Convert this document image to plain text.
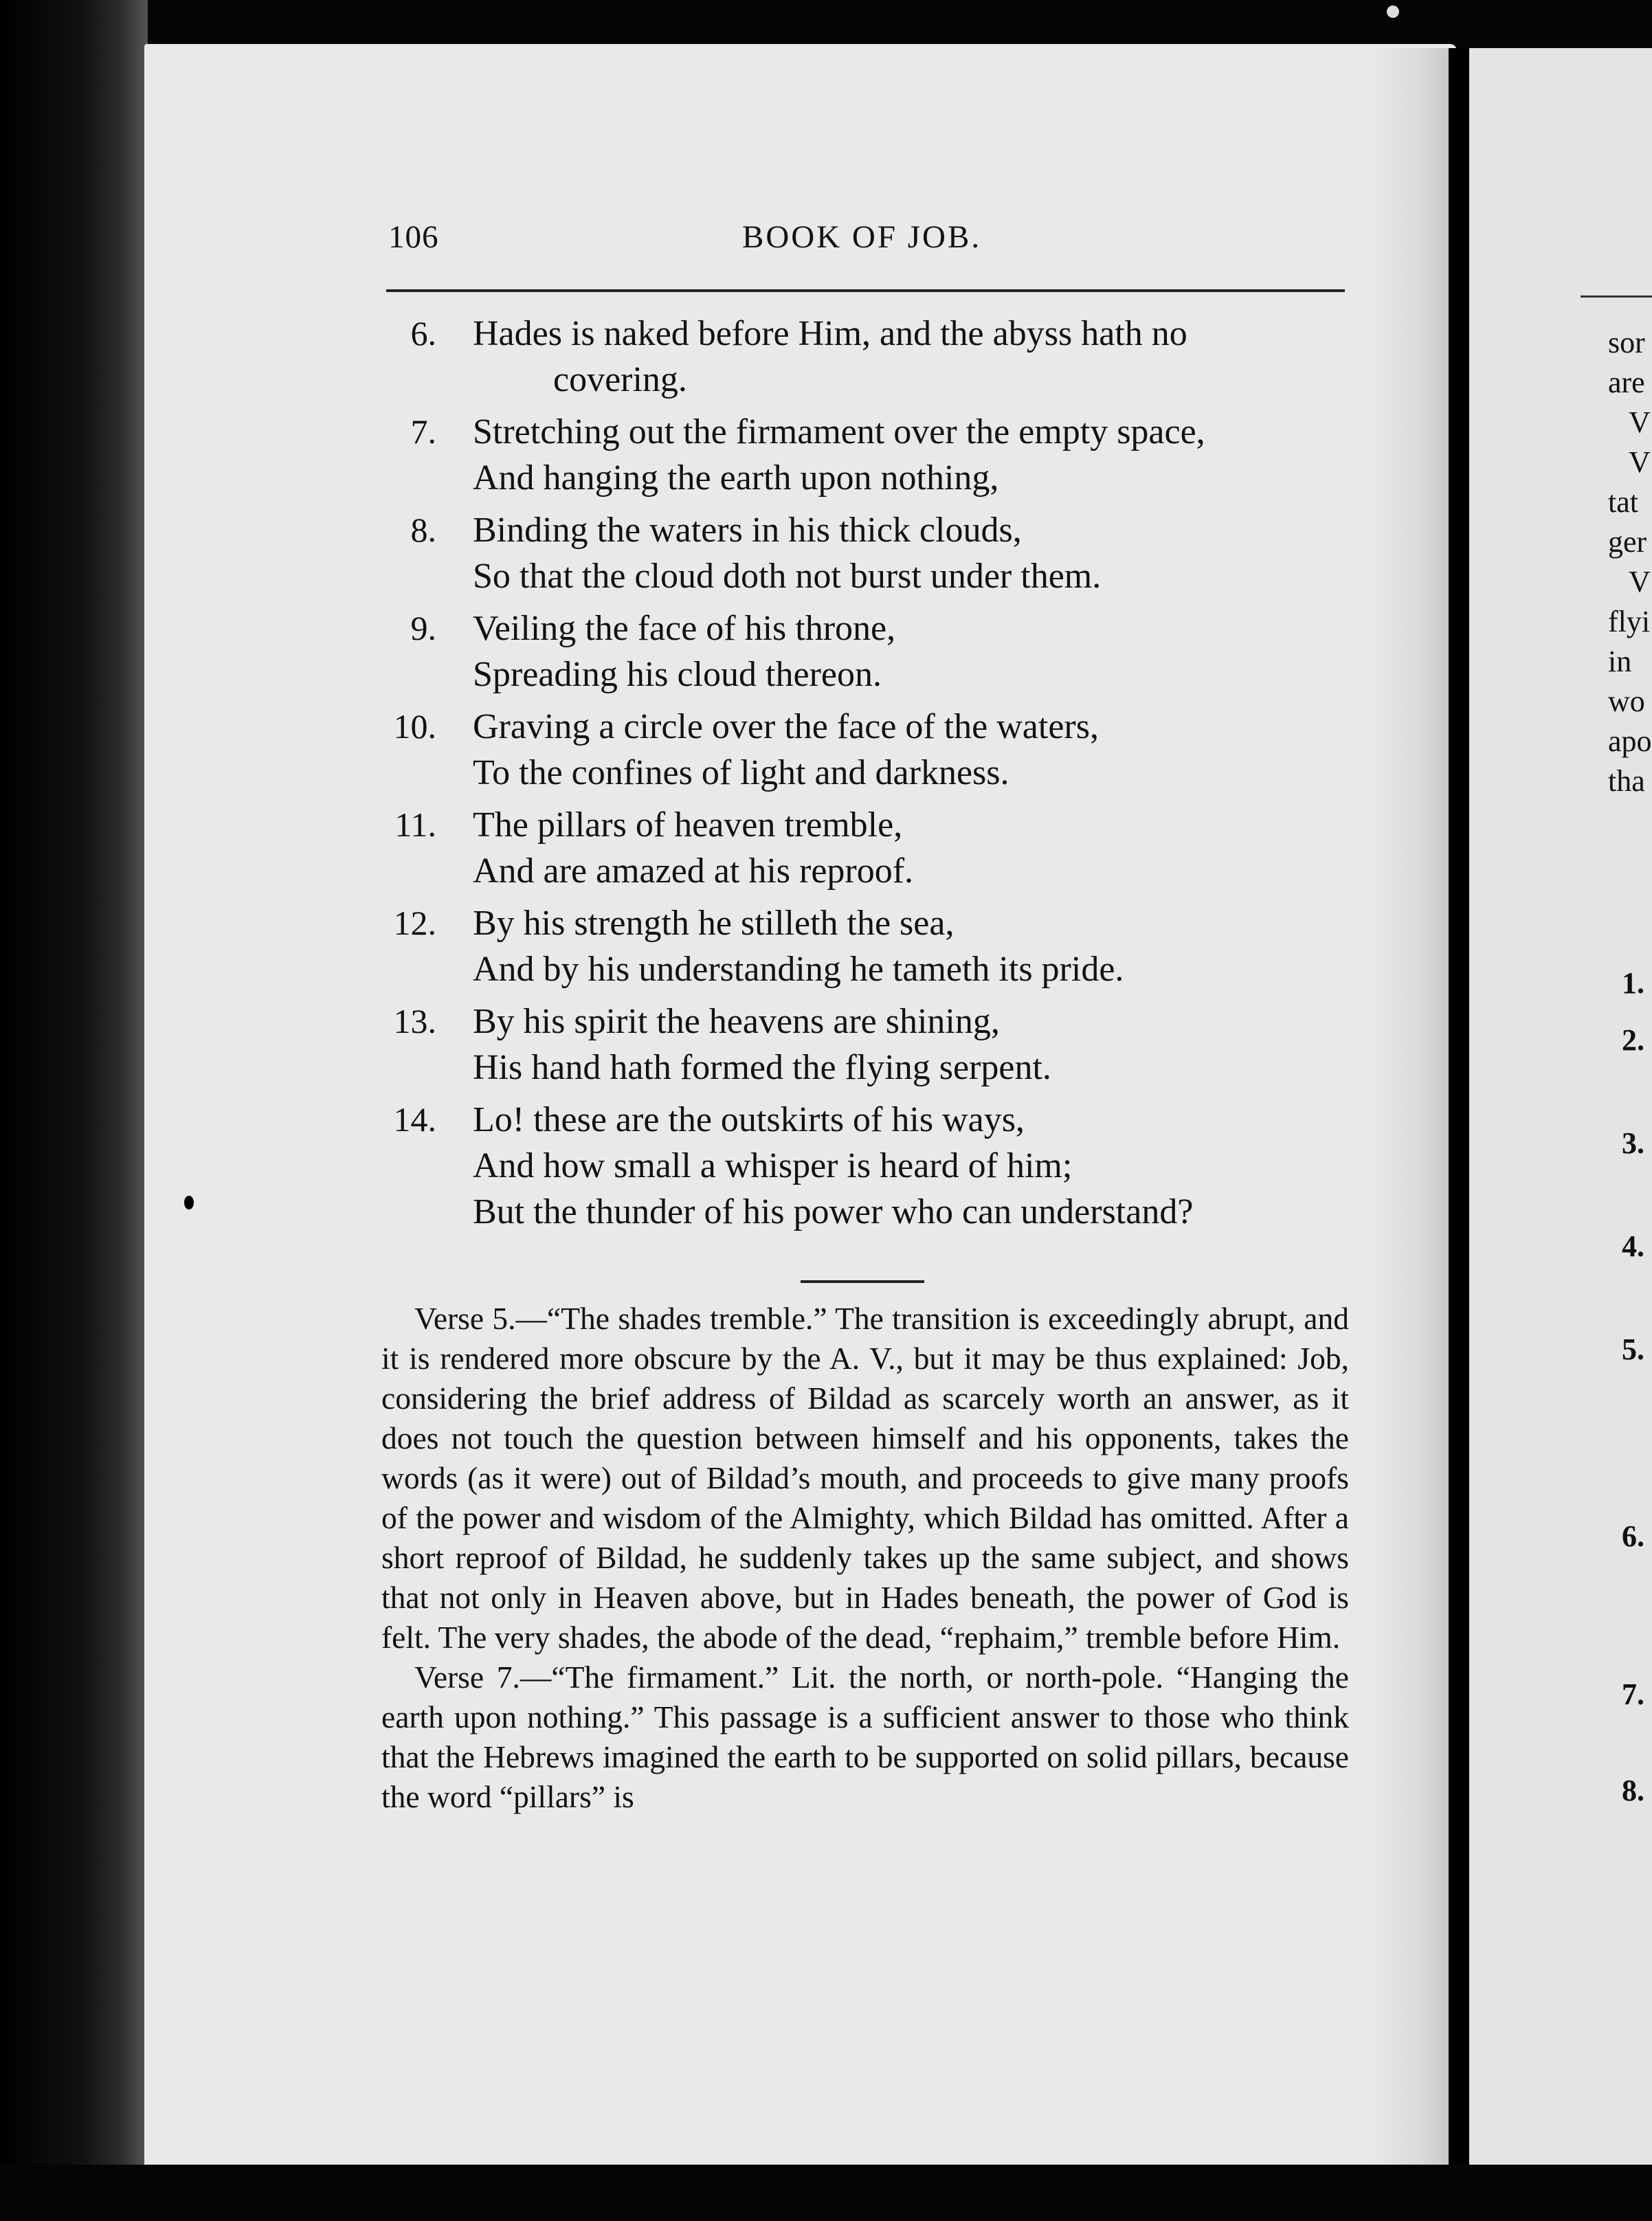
106	BOOK OF JOB.
6. Hades is naked before Him, and the abyss hath no
covering.
7. Stretching out the firmament over the empty space,
And hanging the earth upon nothing,
8. Binding the waters in his thick clouds,
So that the cloud doth not burst under them.
9. Veiling the face of his throne,
Spreading his cloud thereon.
10. Graving a circle over the face of the waters,
To the confines of light and darkness.
11. The pillars of heaven tremble,
And are amazed at his reproof.
12. By his strength he stilleth the sea,
And by his understanding he tameth its pride.
13. By his spirit the heavens are shining,
His hand hath formed the flying serpent.
14. Lo! these are the outskirts of his ways,
And how small a whisper is heard of him;
But the thunder of his power who can understand?

Verse 5.—“The shades tremble.” The transition is exceedingly abrupt, and it is rendered more obscure by the A. V., but it may be thus explained: Job, considering the brief address of Bildad as scarcely worth an answer, as it does not touch the question between himself and his opponents, takes the words (as it were) out of Bildad’s mouth, and proceeds to give many proofs of the power and wisdom of the Almighty, which Bildad has omitted. After a short reproof of Bildad, he suddenly takes up the same subject, and shows that not only in Heaven above, but in Hades beneath, the power of God is felt. The very shades, the abode of the dead, “rephaim,” tremble before Him.

Verse 7.—“The firmament.” Lit. the north, or north-pole. “Hanging the earth upon nothing.” This passage is a sufficient answer to those who think that the Hebrews imagined the earth to be supported on solid pillars, because the word “pillars” is

sor
are
V
V
tat
ger
V
flyi
in
wo
apo
tha
1.
2.
3.
4.
5.
6.
7.
8.
